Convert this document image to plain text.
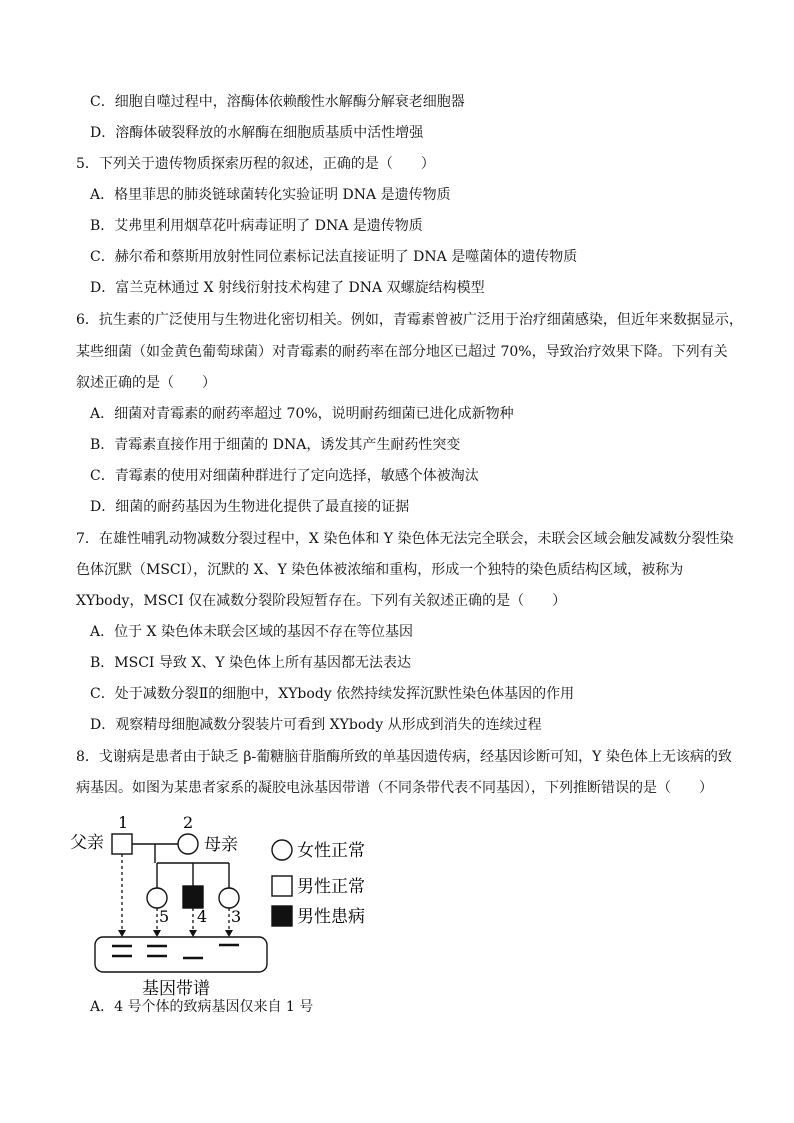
C．细胞自噬过程中，溶酶体依赖酸性水解酶分解衰老细胞器
D．溶酶体破裂释放的水解酶在细胞质基质中活性增强
5．下列关于遗传物质探索历程的叙述，正确的是（　　）
A．格里菲思的肺炎链球菌转化实验证明 DNA 是遗传物质
B．艾弗里利用烟草花叶病毒证明了 DNA 是遗传物质
C．赫尔希和蔡斯用放射性同位素标记法直接证明了 DNA 是噬菌体的遗传物质
D．富兰克林通过 X 射线衍射技术构建了 DNA 双螺旋结构模型
6．抗生素的广泛使用与生物进化密切相关。例如，青霉素曾被广泛用于治疗细菌感染，但近年来数据显示，
某些细菌（如金黄色葡萄球菌）对青霉素的耐药率在部分地区已超过 70%，导致治疗效果下降。下列有关
叙述正确的是（　　）
A．细菌对青霉素的耐药率超过 70%，说明耐药细菌已进化成新物种
B．青霉素直接作用于细菌的 DNA，诱发其产生耐药性突变
C．青霉素的使用对细菌种群进行了定向选择，敏感个体被淘汰
D．细菌的耐药基因为生物进化提供了最直接的证据
7．在雄性哺乳动物减数分裂过程中，X 染色体和 Y 染色体无法完全联会，未联会区域会触发减数分裂性染
色体沉默（MSCI），沉默的 X、Y 染色体被浓缩和重构，形成一个独特的染色质结构区域，被称为
XYbody，MSCI 仅在减数分裂阶段短暂存在。下列有关叙述正确的是（　　）
A．位于 X 染色体未联会区域的基因不存在等位基因
B．MSCI 导致 X、Y 染色体上所有基因都无法表达
C．处于减数分裂Ⅱ的细胞中，XYbody 依然持续发挥沉默性染色体基因的作用
D．观察精母细胞减数分裂装片可看到 XYbody 从形成到消失的连续过程
8．戈谢病是患者由于缺乏 β-葡糖脑苷脂酶所致的单基因遗传病，经基因诊断可知，Y 染色体上无该病的致
病基因。如图为某患者家系的凝胶电泳基因带谱（不同条带代表不同基因），下列推断错误的是（　　）
A．4 号个体的致病基因仅来自 1 号
父亲
1	2
母亲
5 4 3
基因带谱
女性正常
男性正常
男性患病
